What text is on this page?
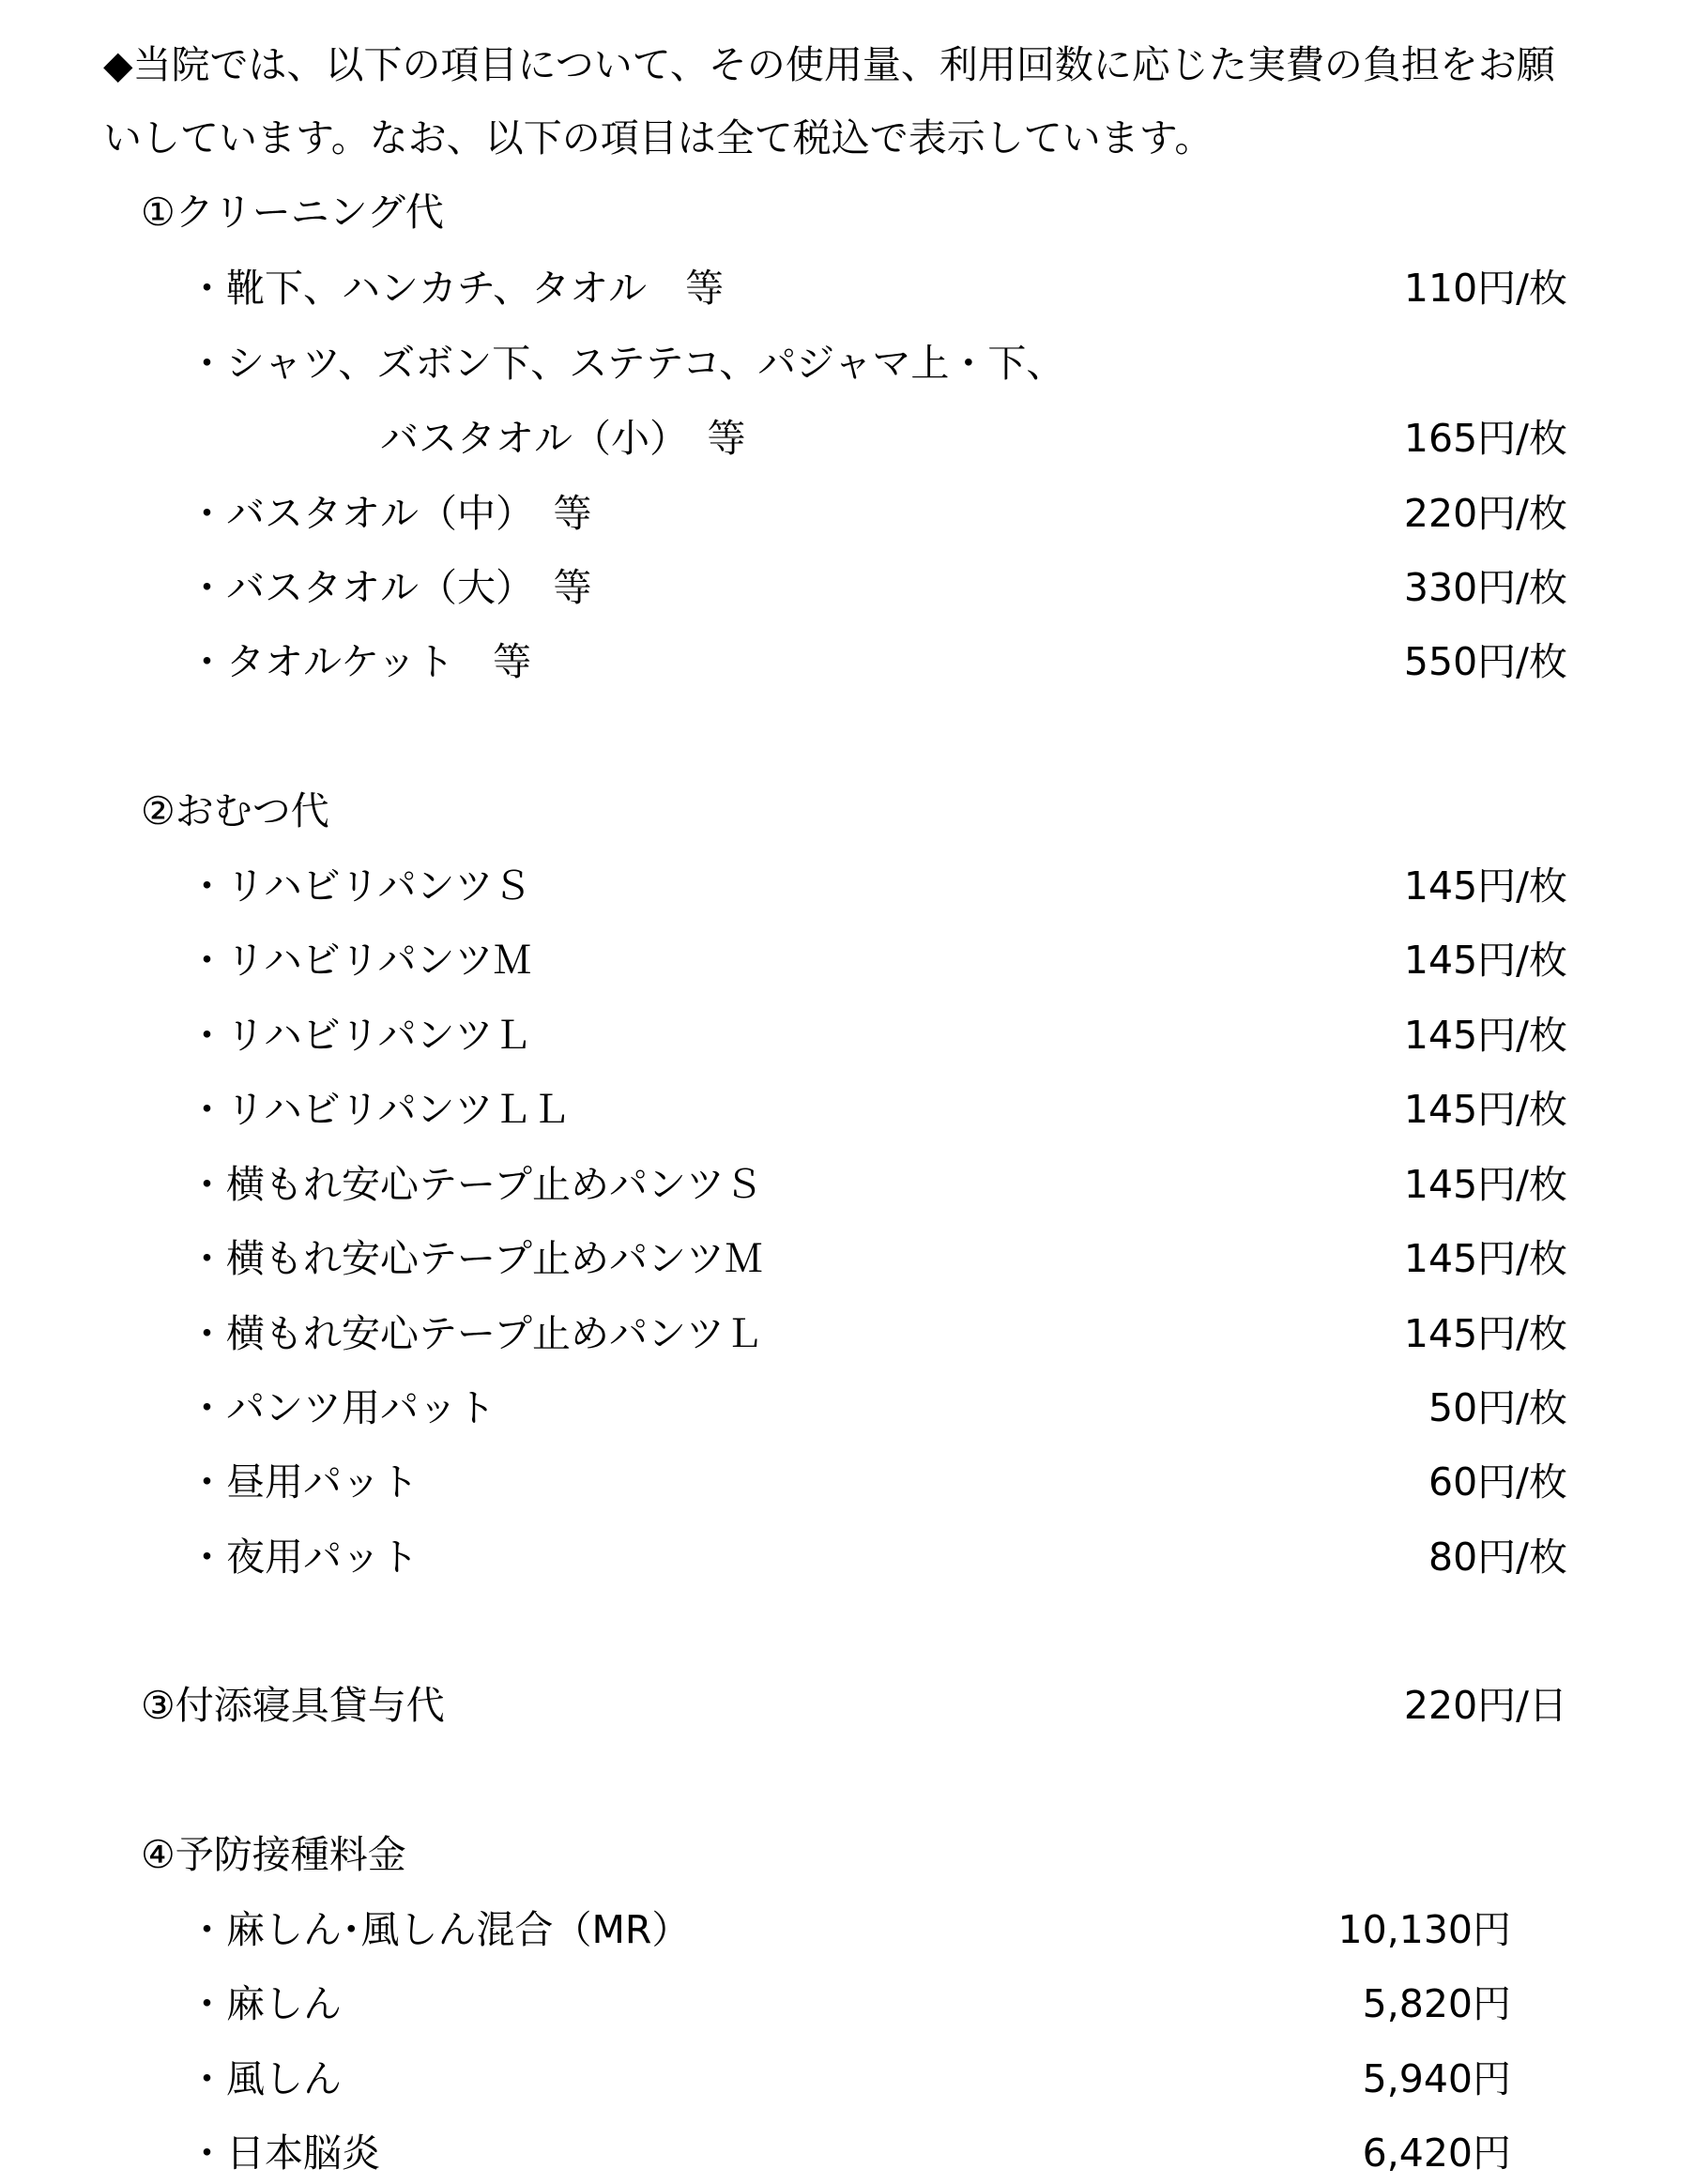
◆当院では、以下の項目について、その使用量、利用回数に応じた実費の負担をお願
いしています。なお、以下の項目は全て税込で表示しています。
①クリーニング代
・靴下、ハンカチ、タオル　等	110円/枚
・シャツ、ズボン下、ステテコ、パジャマ上・下、
バスタオル（小）　等	165円/枚
・バスタオル（中）　等	220円/枚
・バスタオル（大）　等	330円/枚
・タオルケット　等	550円/枚
②おむつ代
・リハビリパンツＳ	145円/枚
・リハビリパンツＭ	145円/枚
・リハビリパンツＬ	145円/枚
・リハビリパンツＬＬ	145円/枚
・横もれ安心テープ止めパンツＳ	145円/枚
・横もれ安心テープ止めパンツＭ	145円/枚
・横もれ安心テープ止めパンツＬ	145円/枚
・パンツ用パット	50円/枚
・昼用パット	60円/枚
・夜用パット	80円/枚
③付添寝具貸与代	220円/日
④予防接種料金
・麻しん･風しん混合（MR）	10,130円
・麻しん	5,820円
・風しん	5,940円
・日本脳炎	6,420円
